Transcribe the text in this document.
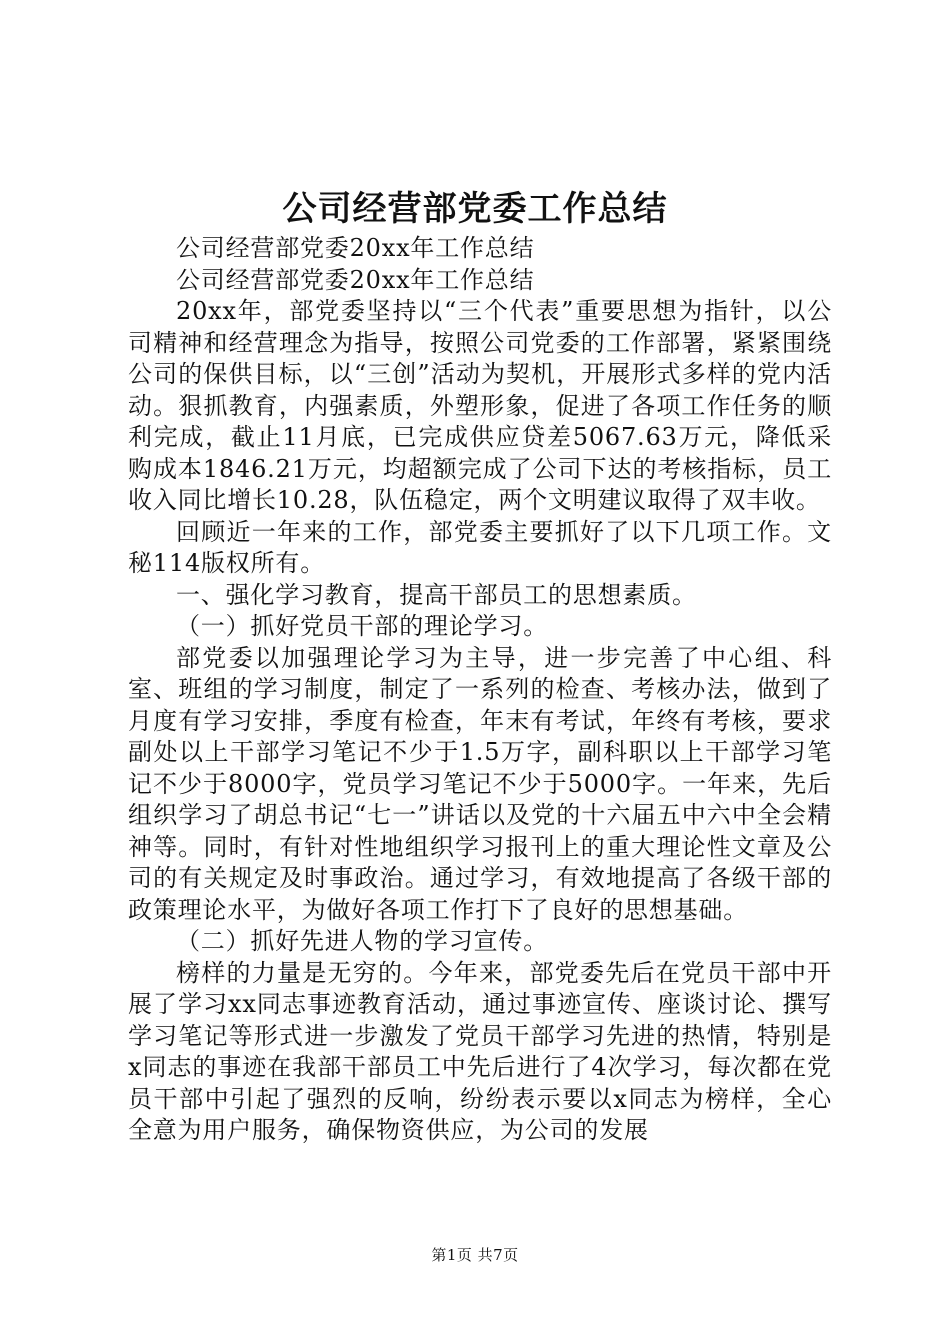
公司经营部党委工作总结

公司经营部党委20xx年工作总结

公司经营部党委20xx年工作总结

20xx年，部党委坚持以“三个代表”重要思想为指针，以公司精神和经营理念为指导，按照公司党委的工作部署，紧紧围绕公司的保供目标，以“三创”活动为契机，开展形式多样的党内活动。狠抓教育，内强素质，外塑形象，促进了各项工作任务的顺利完成，截止11月底，已完成供应贷差5067.63万元，降低采购成本1846.21万元，均超额完成了公司下达的考核指标，员工收入同比增长10.28，队伍稳定，两个文明建议取得了双丰收。

回顾近一年来的工作，部党委主要抓好了以下几项工作。文秘114版权所有。

一、强化学习教育，提高干部员工的思想素质。

（一）抓好党员干部的理论学习。

部党委以加强理论学习为主导，进一步完善了中心组、科室、班组的学习制度，制定了一系列的检查、考核办法，做到了月度有学习安排，季度有检查，年末有考试，年终有考核，要求副处以上干部学习笔记不少于1.5万字，副科职以上干部学习笔记不少于8000字，党员学习笔记不少于5000字。一年来，先后组织学习了胡总书记“七一”讲话以及党的十六届五中六中全会精神等。同时，有针对性地组织学习报刊上的重大理论性文章及公司的有关规定及时事政治。通过学习，有效地提高了各级干部的政策理论水平，为做好各项工作打下了良好的思想基础。

（二）抓好先进人物的学习宣传。

榜样的力量是无穷的。今年来，部党委先后在党员干部中开展了学习xx同志事迹教育活动，通过事迹宣传、座谈讨论、撰写学习笔记等形式进一步激发了党员干部学习先进的热情，特别是x同志的事迹在我部干部员工中先后进行了4次学习，每次都在党员干部中引起了强烈的反响，纷纷表示要以x同志为榜样，全心全意为用户服务，确保物资供应，为公司的发展

第1页 共7页
